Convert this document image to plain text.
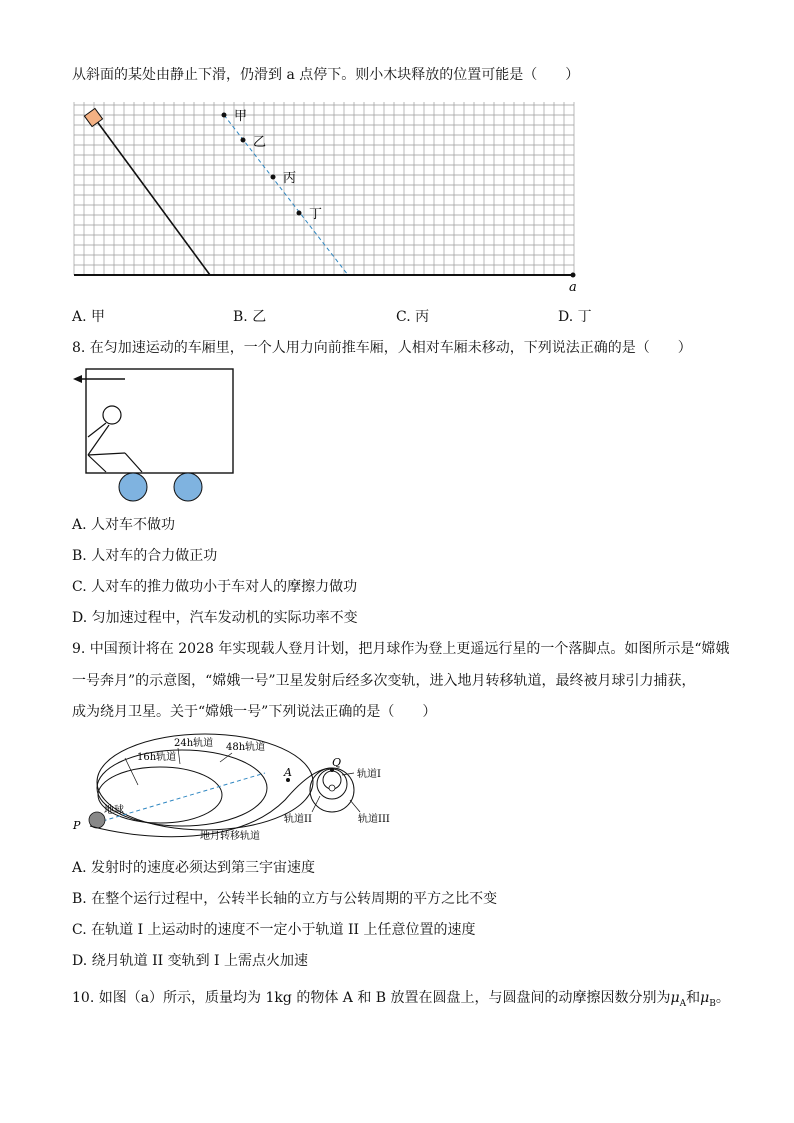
从斜面的某处由静止下滑，仍滑到 a 点停下。则小木块释放的位置可能是（　　）
甲
乙
丙
丁
a
A. 甲	B. 乙	C. 丙	D. 丁
8. 在匀加速运动的车厢里，一个人用力向前推车厢，人相对车厢未移动，下列说法正确的是（　　）
A. 人对车不做功
B. 人对车的合力做正功
C. 人对车的推力做功小于车对人的摩擦力做功
D. 匀加速过程中，汽车发动机的实际功率不变
9. 中国预计将在 2028 年实现载人登月计划，把月球作为登上更遥远行星的一个落脚点。如图所示是“嫦娥
一号奔月”的示意图，“嫦娥一号”卫星发射后经多次变轨，进入地月转移轨道，最终被月球引力捕获，
成为绕月卫星。关于“嫦娥一号”下列说法正确的是（　　）
24h轨道 48h轨道
16h轨道
地球
P
A
Q
轨道I
轨道II	轨道III
地月转移轨道
A. 发射时的速度必须达到第三宇宙速度
B. 在整个运行过程中，公转半长轴的立方与公转周期的平方之比不变
C. 在轨道 I 上运动时的速度不一定小于轨道 II 上任意位置的速度
D. 绕月轨道 II 变轨到 I 上需点火加速
10. 如图（a）所示，质量均为 1kg 的物体 A 和 B 放置在圆盘上，与圆盘间的动摩擦因数分别为$\mu_A$和$\mu_B$。
